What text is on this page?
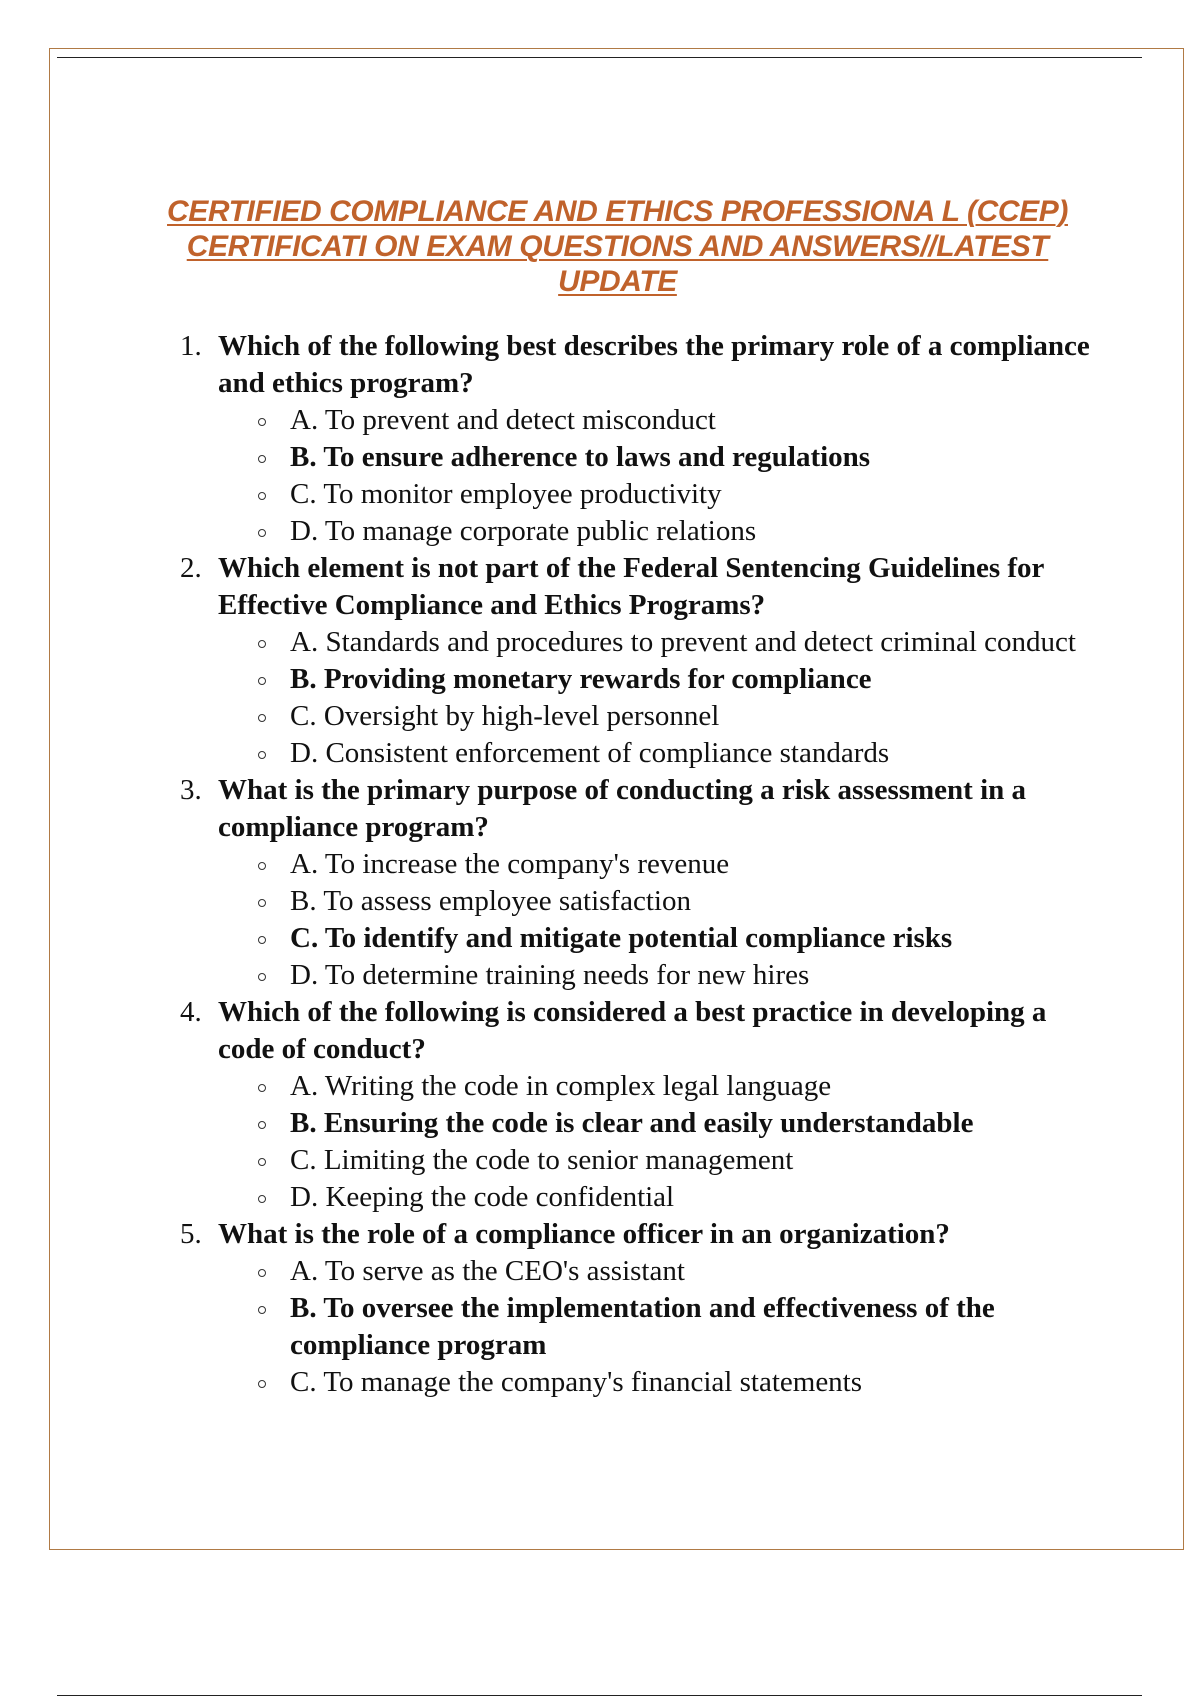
CERTIFIED COMPLIANCE AND ETHICS PROFESSIONA L (CCEP)
CERTIFICATI ON EXAM QUESTIONS AND ANSWERS//LATEST
UPDATE
1. Which of the following best describes the primary role of a compliance and ethics program?
A. To prevent and detect misconduct
B. To ensure adherence to laws and regulations
C. To monitor employee productivity
D. To manage corporate public relations
2. Which element is not part of the Federal Sentencing Guidelines for Effective Compliance and Ethics Programs?
A. Standards and procedures to prevent and detect criminal conduct
B. Providing monetary rewards for compliance
C. Oversight by high-level personnel
D. Consistent enforcement of compliance standards
3. What is the primary purpose of conducting a risk assessment in a compliance program?
A. To increase the company's revenue
B. To assess employee satisfaction
C. To identify and mitigate potential compliance risks
D. To determine training needs for new hires
4. Which of the following is considered a best practice in developing a code of conduct?
A. Writing the code in complex legal language
B. Ensuring the code is clear and easily understandable
C. Limiting the code to senior management
D. Keeping the code confidential
5. What is the role of a compliance officer in an organization?
A. To serve as the CEO's assistant
B. To oversee the implementation and effectiveness of the compliance program
C. To manage the company's financial statements
